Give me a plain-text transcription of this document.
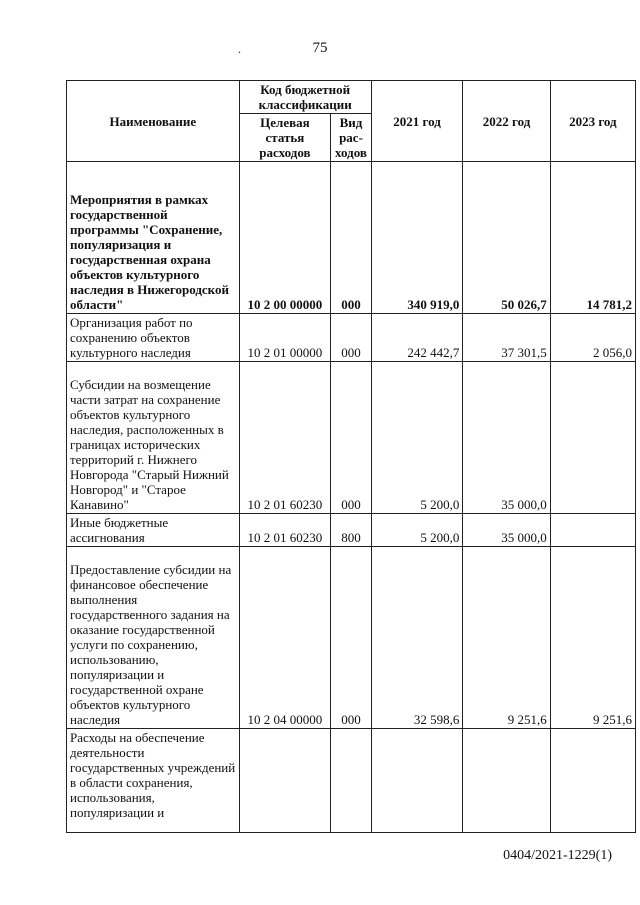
.	75
Наименование	Код бюджетной классификации		2021 год	2022 год	2023 год
	Целевая статья расходов	Вид рас-ходов			
Мероприятия в рамках государственной программы "Сохранение, популяризация и государственная охрана объектов культурного наследия в Нижегородской области"	10 2 00 00000	000	340 919,0	50 026,7	14 781,2
Организация работ по сохранению объектов культурного наследия	10 2 01 00000	000	242 442,7	37 301,5	2 056,0
Субсидии на возмещение части затрат на сохранение объектов культурного наследия, расположенных в границах исторических территорий г. Нижнего Новгорода "Старый Нижний Новгород" и "Старое Канавино"	10 2 01 60230	000	5 200,0	35 000,0	
Иные бюджетные ассигнования	10 2 01 60230	800	5 200,0	35 000,0	
Предоставление субсидии на финансовое обеспечение выполнения государственного задания на оказание государственной услуги по сохранению, использованию, популяризации и государственной охране объектов культурного наследия	10 2 04 00000	000	32 598,6	9 251,6	9 251,6
Расходы на обеспечение деятельности государственных учреждений в области сохранения, использования, популяризации и					
0404/2021-1229(1)
